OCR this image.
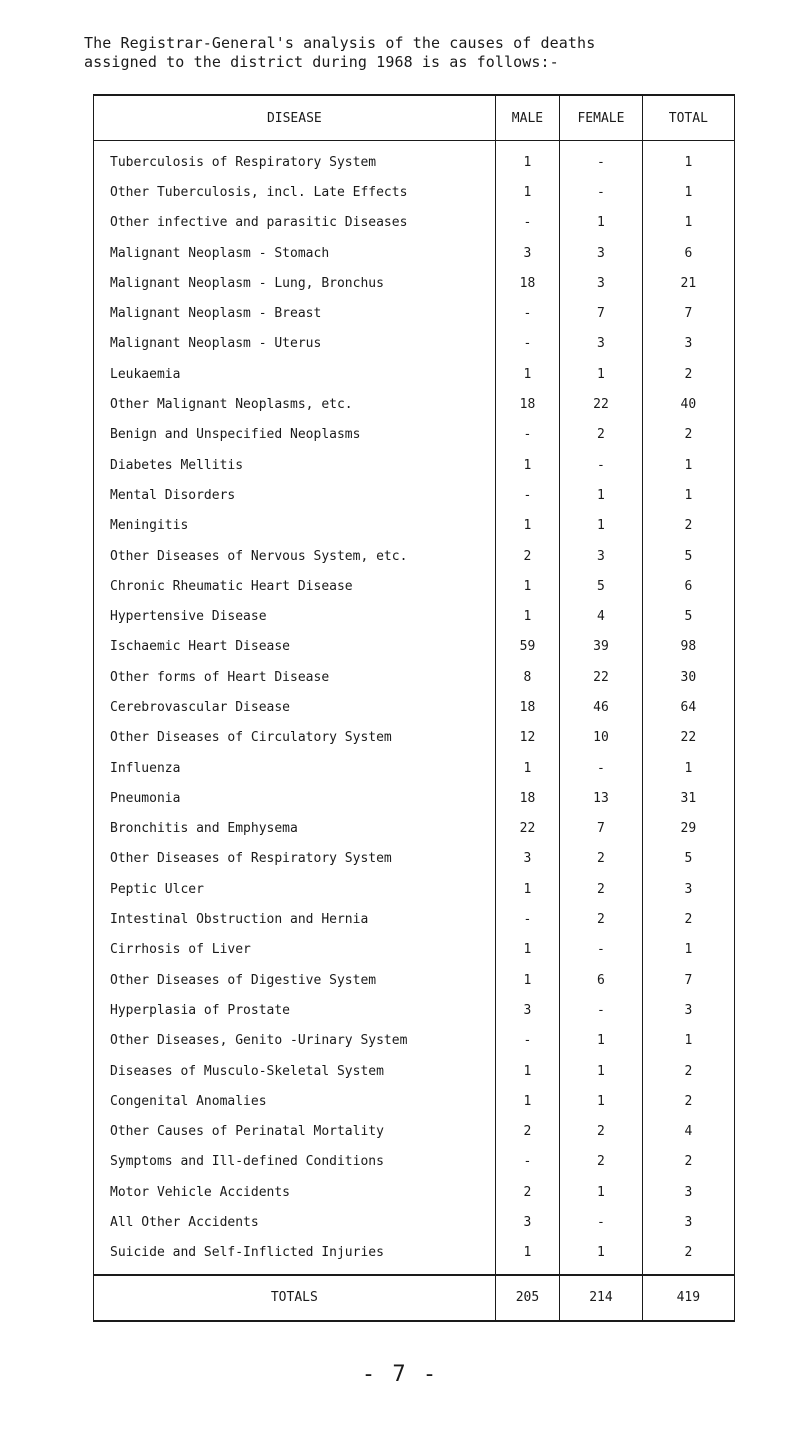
The Registrar-General's analysis of the causes of deaths
assigned to the district during 1968 is as follows:-
DISEASE	MALE	FEMALE	TOTAL
Tuberculosis of Respiratory System	1	-	1
Other Tuberculosis, incl. Late Effects	1	-	1
Other infective and parasitic Diseases	-	1	1
Malignant Neoplasm - Stomach	3	3	6
Malignant Neoplasm - Lung, Bronchus	18	3	21
Malignant Neoplasm - Breast	-	7	7
Malignant Neoplasm - Uterus	-	3	3
Leukaemia	1	1	2
Other Malignant Neoplasms, etc.	18	22	40
Benign and Unspecified Neoplasms	-	2	2
Diabetes Mellitis	1	-	1
Mental Disorders	-	1	1
Meningitis	1	1	2
Other Diseases of Nervous System, etc.	2	3	5
Chronic Rheumatic Heart Disease	1	5	6
Hypertensive Disease	1	4	5
Ischaemic Heart Disease	59	39	98
Other forms of Heart Disease	8	22	30
Cerebrovascular Disease	18	46	64
Other Diseases of Circulatory System	12	10	22
Influenza	1	-	1
Pneumonia	18	13	31
Bronchitis and Emphysema	22	7	29
Other Diseases of Respiratory System	3	2	5
Peptic Ulcer	1	2	3
Intestinal Obstruction and Hernia	-	2	2
Cirrhosis of Liver	1	-	1
Other Diseases of Digestive System	1	6	7
Hyperplasia of Prostate	3	-	3
Other Diseases, Genito -Urinary System	-	1	1
Diseases of Musculo-Skeletal System	1	1	2
Congenital Anomalies	1	1	2
Other Causes of Perinatal Mortality	2	2	4
Symptoms and Ill-defined Conditions	-	2	2
Motor Vehicle Accidents	2	1	3
All Other Accidents	3	-	3
Suicide and Self-Inflicted Injuries	1	1	2
TOTALS	205	214	419
- 7 -
